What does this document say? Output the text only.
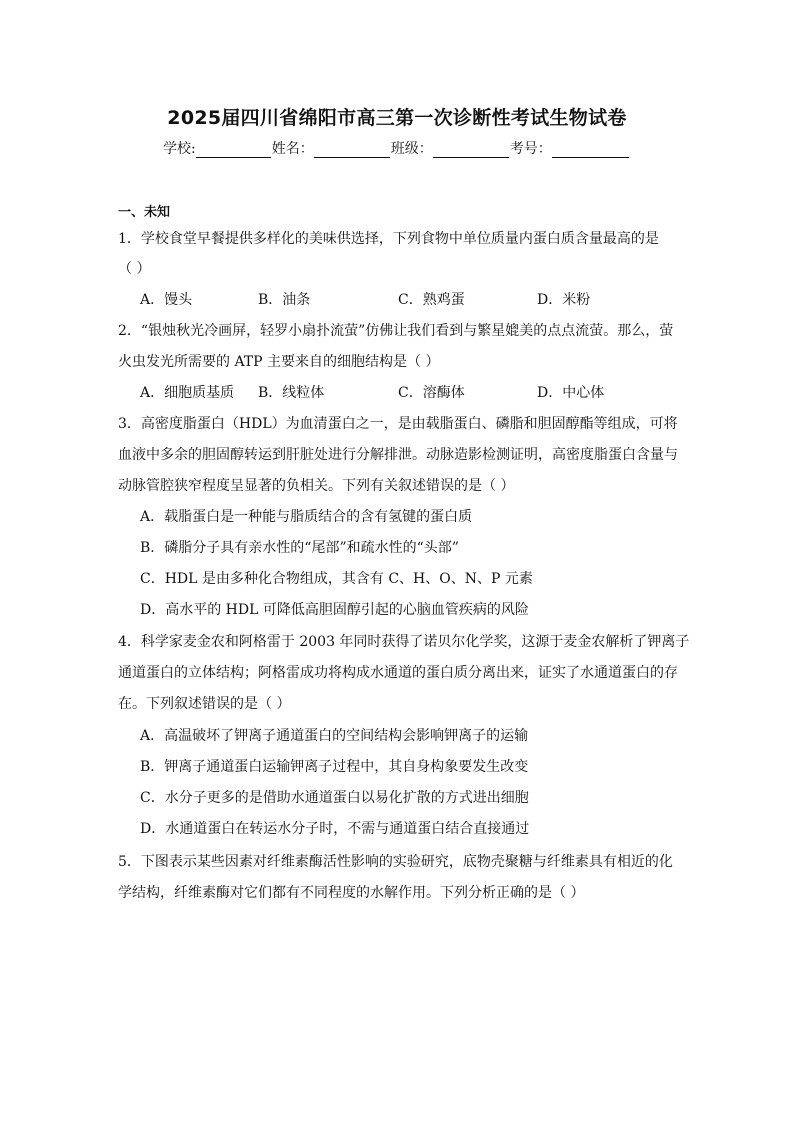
2025届四川省绵阳市高三第一次诊断性考试生物试卷
学校:	姓名：	班级：	考号：
一、未知
1．学校食堂早餐提供多样化的美味供选择，下列食物中单位质量内蛋白质含量最高的是
（ ）
A．馒头	B．油条	C．熟鸡蛋	D．米粉
2．“银烛秋光冷画屏，轻罗小扇扑流萤”仿佛让我们看到与繁星媲美的点点流萤。那么，萤
火虫发光所需要的 ATP 主要来自的细胞结构是（ ）
A．细胞质基质 B．线粒体	C．溶酶体	D．中心体
3．高密度脂蛋白（HDL）为血清蛋白之一，是由载脂蛋白、磷脂和胆固醇酯等组成，可将
血液中多余的胆固醇转运到肝脏处进行分解排泄。动脉造影检测证明，高密度脂蛋白含量与
动脉管腔狭窄程度呈显著的负相关。下列有关叙述错误的是（ ）
A．载脂蛋白是一种能与脂质结合的含有氢键的蛋白质
B．磷脂分子具有亲水性的“尾部”和疏水性的“头部”
C．HDL 是由多种化合物组成，其含有 C、H、O、N、P 元素
D．高水平的 HDL 可降低高胆固醇引起的心脑血管疾病的风险
4．科学家麦金农和阿格雷于 2003 年同时获得了诺贝尔化学奖，这源于麦金农解析了钾离子
通道蛋白的立体结构；阿格雷成功将构成水通道的蛋白质分离出来，证实了水通道蛋白的存
在。下列叙述错误的是（ ）
A．高温破坏了钾离子通道蛋白的空间结构会影响钾离子的运输
B．钾离子通道蛋白运输钾离子过程中，其自身构象要发生改变
C．水分子更多的是借助水通道蛋白以易化扩散的方式进出细胞
D．水通道蛋白在转运水分子时，不需与通道蛋白结合直接通过
5．下图表示某些因素对纤维素酶活性影响的实验研究，底物壳聚糖与纤维素具有相近的化
学结构，纤维素酶对它们都有不同程度的水解作用。下列分析正确的是（ ）
